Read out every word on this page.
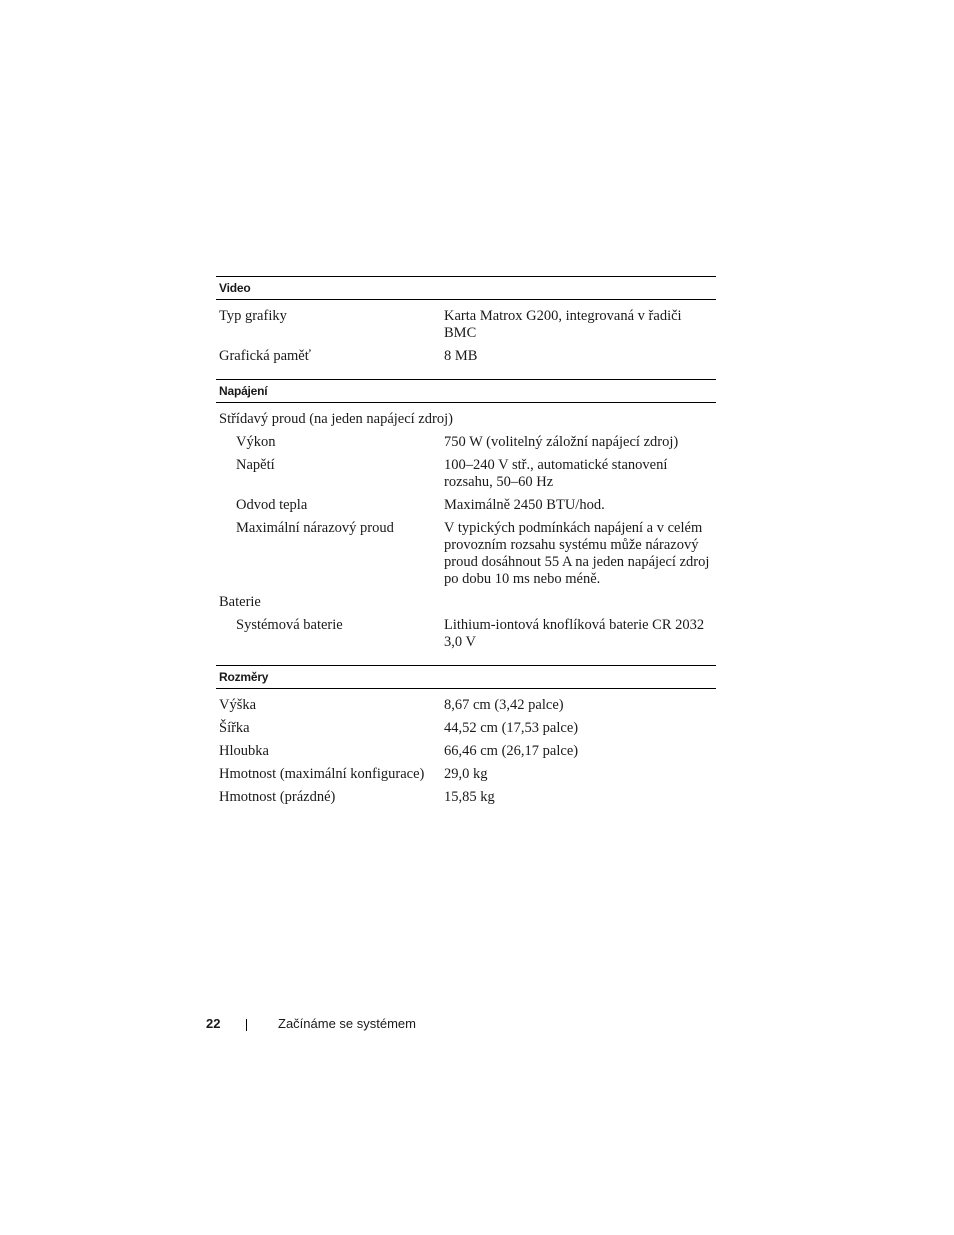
Video
Typ grafiky	Karta Matrox G200, integrovaná v řadiči BMC
Grafická paměť	8 MB
Napájení
Střídavý proud (na jeden napájecí zdroj)
Výkon	750 W (volitelný záložní napájecí zdroj)
Napětí	100–240 V stř., automatické stanovení rozsahu, 50–60 Hz
Odvod tepla	Maximálně 2450 BTU/hod.
Maximální nárazový proud	V typických podmínkách napájení a v celém provozním rozsahu systému může nárazový proud dosáhnout 55 A na jeden napájecí zdroj po dobu 10 ms nebo méně.
Baterie
Systémová baterie	Lithium-iontová knoflíková baterie CR 2032 3,0 V
Rozměry
Výška	8,67 cm (3,42 palce)
Šířka	44,52 cm (17,53 palce)
Hloubka	66,46 cm (26,17 palce)
Hmotnost (maximální konfigurace)	29,0 kg
Hmotnost (prázdné)	15,85 kg
22	Začínáme se systémem
